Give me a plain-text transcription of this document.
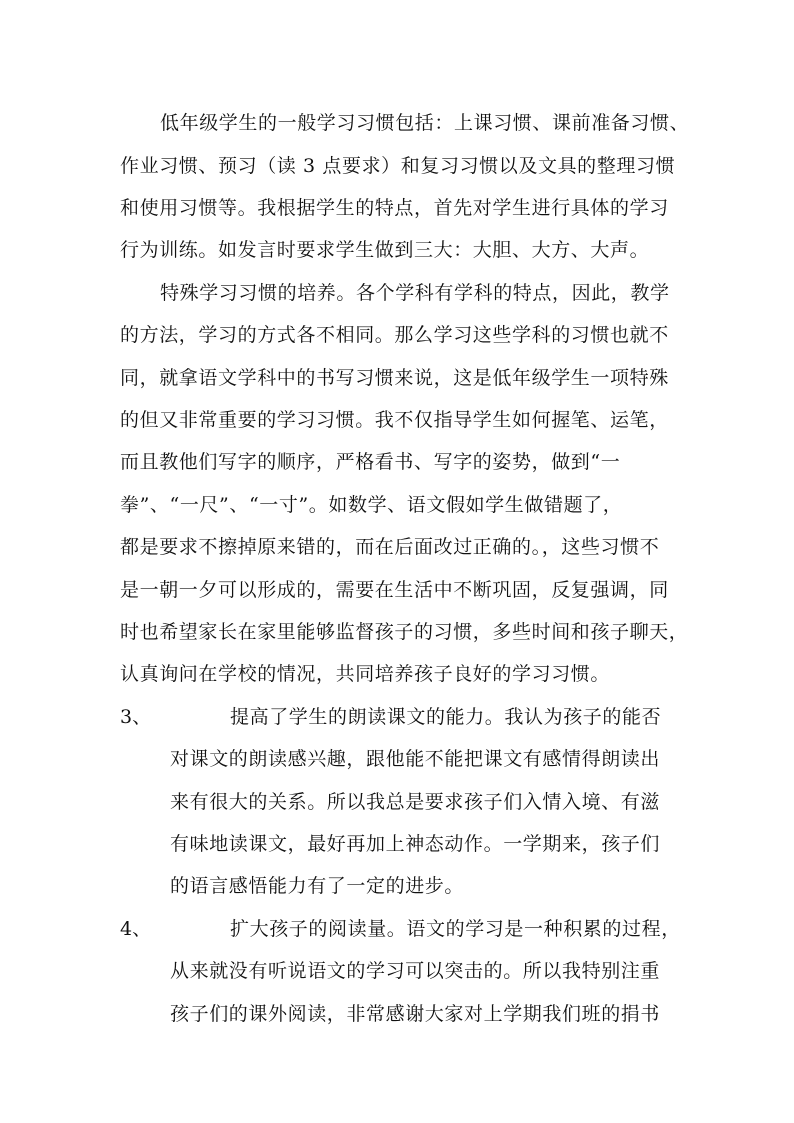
低年级学生的一般学习习惯包括：上课习惯、课前准备习惯、
作业习惯、预习（读 3 点要求）和复习习惯以及文具的整理习惯
和使用习惯等。我根据学生的特点，首先对学生进行具体的学习
行为训练。如发言时要求学生做到三大：大胆、大方、大声。
特殊学习习惯的培养。各个学科有学科的特点，因此，教学
的方法，学习的方式各不相同。那么学习这些学科的习惯也就不
同，就拿语文学科中的书写习惯来说，这是低年级学生一项特殊
的但又非常重要的学习习惯。我不仅指导学生如何握笔、运笔，
而且教他们写字的顺序，严格看书、写字的姿势，做到“一
拳”、“一尺”、“一寸”。如数学、语文假如学生做错题了，
都是要求不擦掉原来错的，而在后面改过正确的。，这些习惯不
是一朝一夕可以形成的，需要在生活中不断巩固，反复强调，同
时也希望家长在家里能够监督孩子的习惯，多些时间和孩子聊天，
认真询问在学校的情况，共同培养孩子良好的学习习惯。
3、	提高了学生的朗读课文的能力。我认为孩子的能否
对课文的朗读感兴趣，跟他能不能把课文有感情得朗读出
来有很大的关系。所以我总是要求孩子们入情入境、有滋
有味地读课文，最好再加上神态动作。一学期来，孩子们
的语言感悟能力有了一定的进步。
4、	扩大孩子的阅读量。语文的学习是一种积累的过程，
从来就没有听说语文的学习可以突击的。所以我特别注重
孩子们的课外阅读，非常感谢大家对上学期我们班的捐书
